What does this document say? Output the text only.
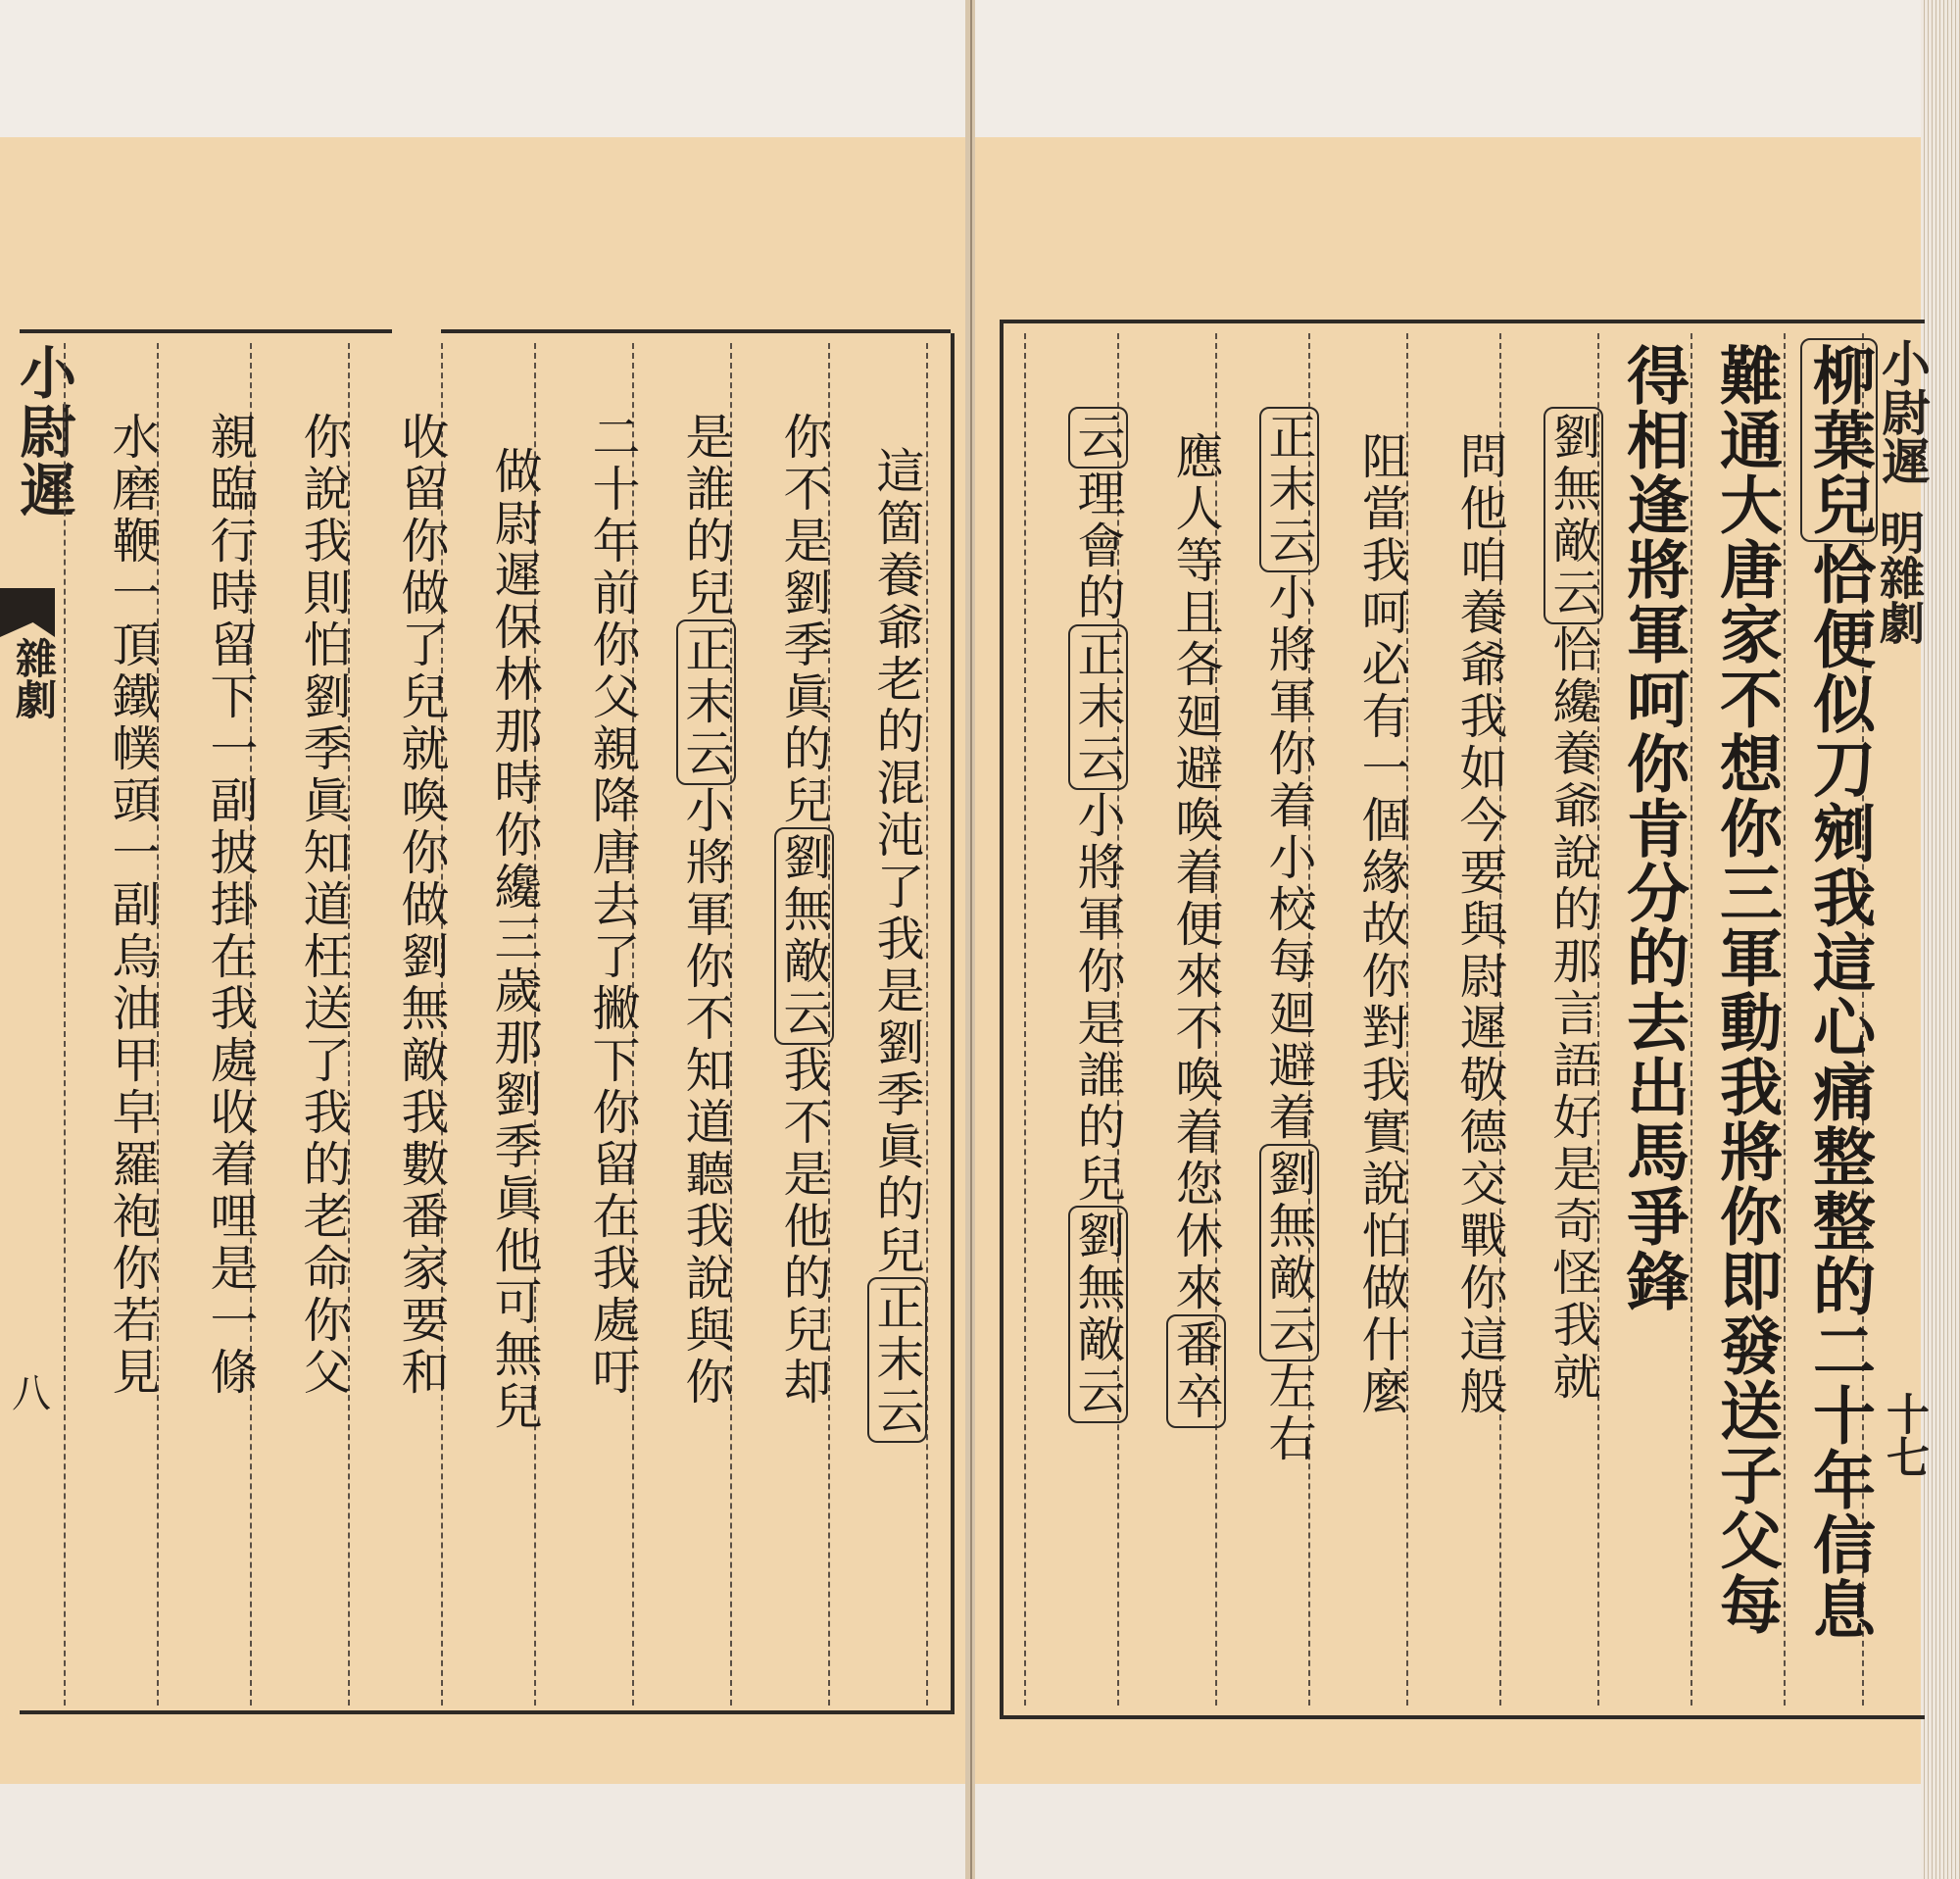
小尉遲
雜劇
八
這箇養爺老的混沌了我是劉季眞的兒正末云
你不是劉季眞的兒劉無敵云我不是他的兒却
是誰的兒正末云小將軍你不知道聽我說與你
二十年前你父親降唐去了撇下你留在我處吁
做尉遲保林那時你纔三歲那劉季眞他可無兒
收留你做了兒就喚你做劉無敵我數番家要和
你說我則怕劉季眞知道枉送了我的老命你父
親臨行時留下一副披掛在我處收着哩是一條
水磨鞭一頂鐵幞頭一副烏油甲皁羅袍你若見	小尉遲
明雜劇
十七
柳葉兒恰便似刀剜我這心痛整整的二十年信息
難通大唐家不想你三軍動我將你即發送子父每
得相逢將軍呵你肯分的去出馬爭鋒
劉無敵云恰纔養爺說的那言語好是奇怪我就
問他咱養爺我如今要與尉遲敬德交戰你這般
阻當我呵必有一個緣故你對我實說怕做什麼
正末云小將軍你着小校每廻避着劉無敵云左右
應人等且各廻避喚着便來不喚着您休來番卒
云理會的正末云小將軍你是誰的兒劉無敵云
